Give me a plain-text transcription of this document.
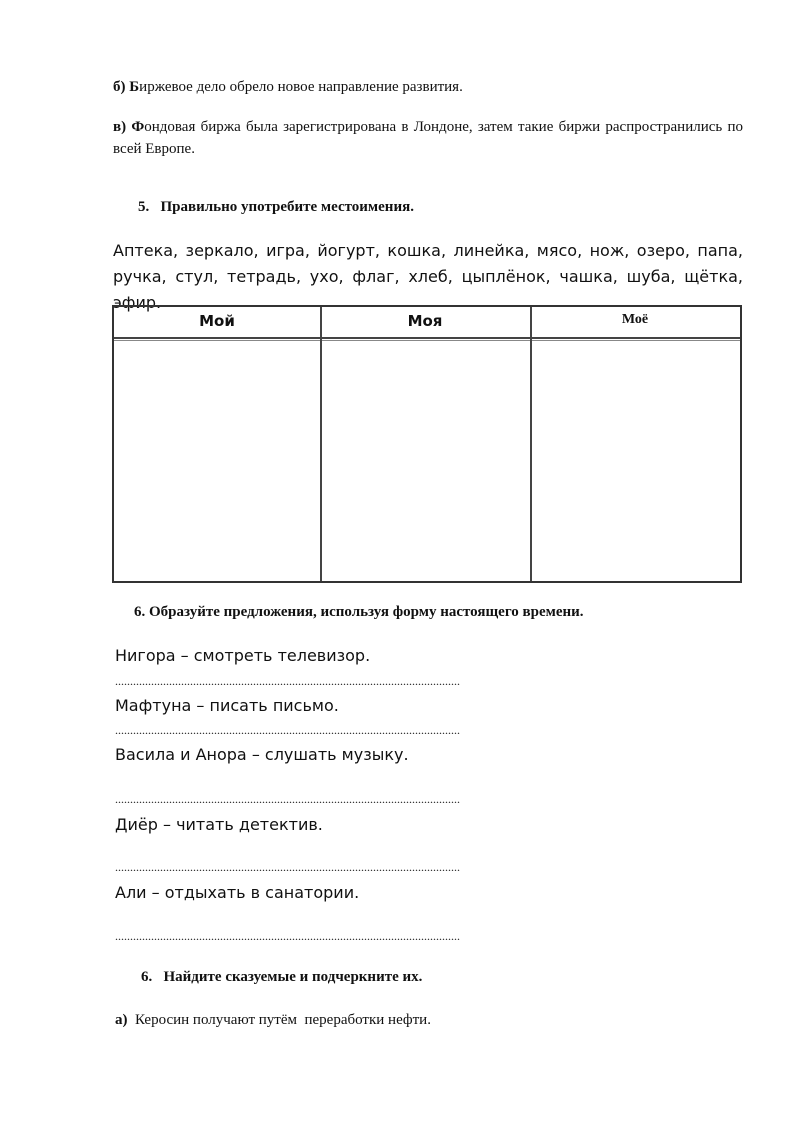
б) Биржевое дело обрело новое направление развития.
в) Фондовая биржа была зарегистрирована в Лондоне, затем такие биржи распространились по всей Европе.
5. Правильно употребите местоимения.
Аптека, зеркало, игра, йогурт, кошка, линейка, мясо, нож, озеро, папа, ручка, стул, тетрадь, ухо, флаг, хлеб, цыплёнок, чашка, шуба, щётка, эфир.
Мой	Моя	Моё
6. Образуйте предложения, используя форму настоящего времени.
Нигора – смотреть телевизор.
...................................................................................................................
Мафтуна – писать письмо.
...................................................................................................................
Васила и Анора – слушать музыку.
...................................................................................................................
Диёр – читать детектив.
...................................................................................................................
Али – отдыхать в санатории.
...................................................................................................................
6. Найдите сказуемые и подчеркните их.
а) Керосин получают путём  переработки нефти.
